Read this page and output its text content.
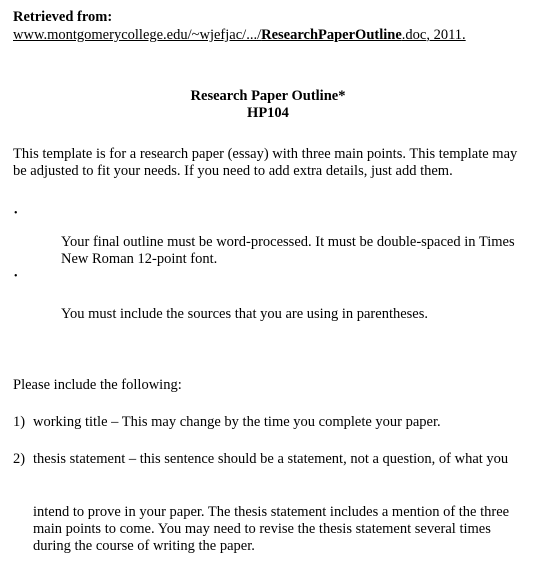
Retrieved from:
www.montgomerycollege.edu/~wjefjac/.../ResearchPaperOutline.doc, 2011.
Research Paper Outline*
HP104
This template is for a research paper (essay) with three main points. This template may be adjusted to fit your needs. If you need to add extra details, just add them.
•
Your final outline must be word-processed. It must be double-spaced in Times New Roman 12-point font.
•
You must include the sources that you are using in parentheses.
Please include the following:
1) working title – This may change by the time you complete your paper.
2) thesis statement – this sentence should be a statement, not a question, of what you
intend to prove in your paper. The thesis statement includes a mention of the three main points to come. You may need to revise the thesis statement several times during the course of writing the paper.
